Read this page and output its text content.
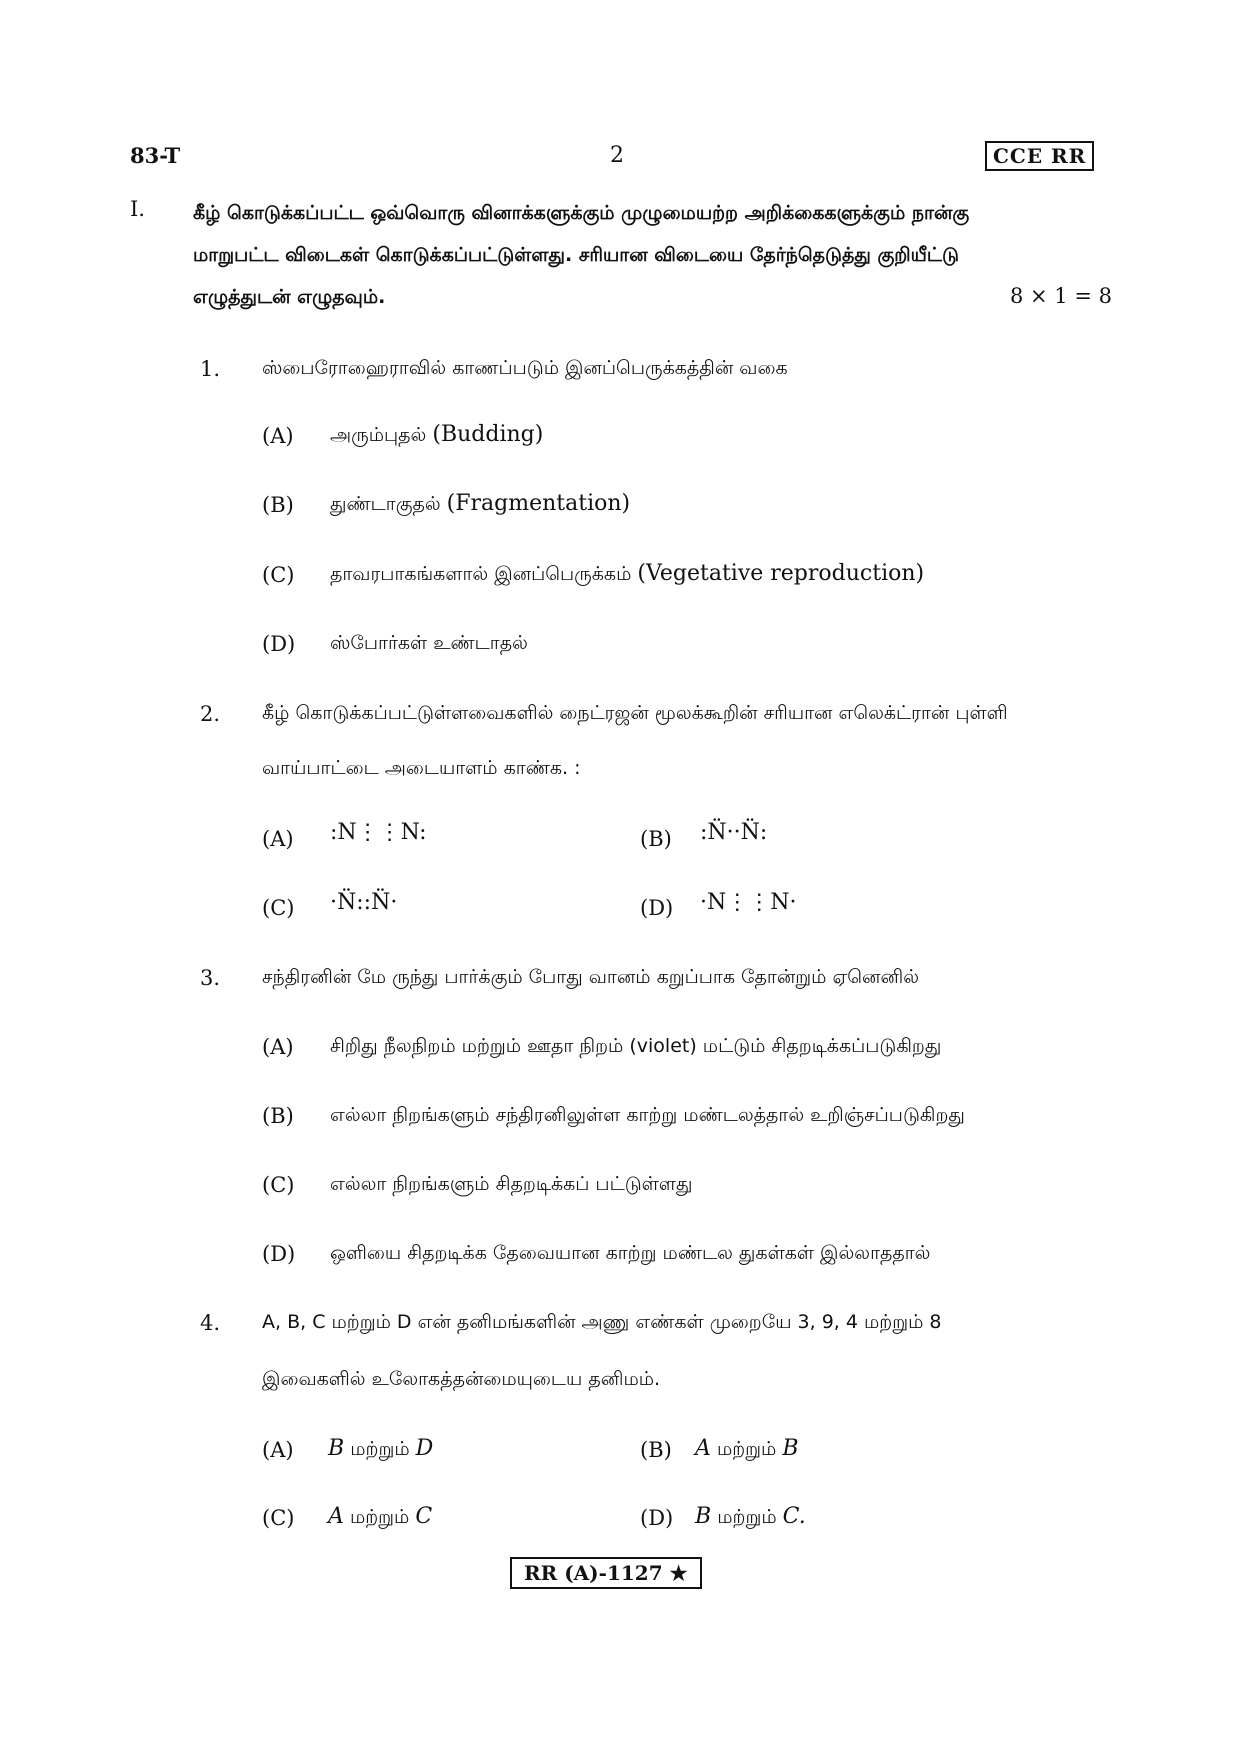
83-T	2	CCE RR
I.	கீழ் கொடுக்கப்பட்ட ஒவ்வொரு வினாக்களுக்கும் முழுமையற்ற அறிக்கைகளுக்கும் நான்கு
மாறுபட்ட விடைகள் கொடுக்கப்பட்டுள்ளது. சரியான விடையை தேர்ந்தெடுத்து குறியீட்டு
எழுத்துடன் எழுதவும்.	8 × 1 = 8
1. ஸ்பைரோஹைராவில் காணப்படும் இனப்பெருக்கத்தின் வகை
(A) அரும்புதல் (Budding)
(B) துண்டாகுதல் (Fragmentation)
(C) தாவரபாகங்களால் இனப்பெருக்கம் (Vegetative reproduction)
(D) ஸ்போர்கள் உண்டாதல்
2. கீழ் கொடுக்கப்பட்டுள்ளவைகளில் நைட்ரஜன் மூலக்கூறின் சரியான எலெக்ட்ரான் புள்ளி
வாய்பாட்டை அடையாளம் காண்க. :
(A) :N⋮⋮N:	(B) :N̈··N̈:
(C) ·N̈::N̈·	(D) ·N⋮⋮N·
3. சந்திரனின் மே ருந்து பார்க்கும் போது வானம் கறுப்பாக தோன்றும் ஏனெனில்
(A) சிறிது நீலநிறம் மற்றும் ஊதா நிறம் (violet) மட்டும் சிதறடிக்கப்படுகிறது
(B) எல்லா நிறங்களும் சந்திரனிலுள்ள காற்று மண்டலத்தால் உறிஞ்சப்படுகிறது
(C) எல்லா நிறங்களும் சிதறடிக்கப் பட்டுள்ளது
(D) ஒளியை சிதறடிக்க தேவையான காற்று மண்டல துகள்கள் இல்லாததால்
4. A, B, C மற்றும் D என் தனிமங்களின் அணு எண்கள் முறையே 3, 9, 4 மற்றும் 8
இவைகளில் உலோகத்தன்மையுடைய தனிமம்.
(A) B மற்றும் D	(B) A மற்றும் B
(C) A மற்றும் C	(D) B மற்றும் C.
RR (A)-1127 ★
